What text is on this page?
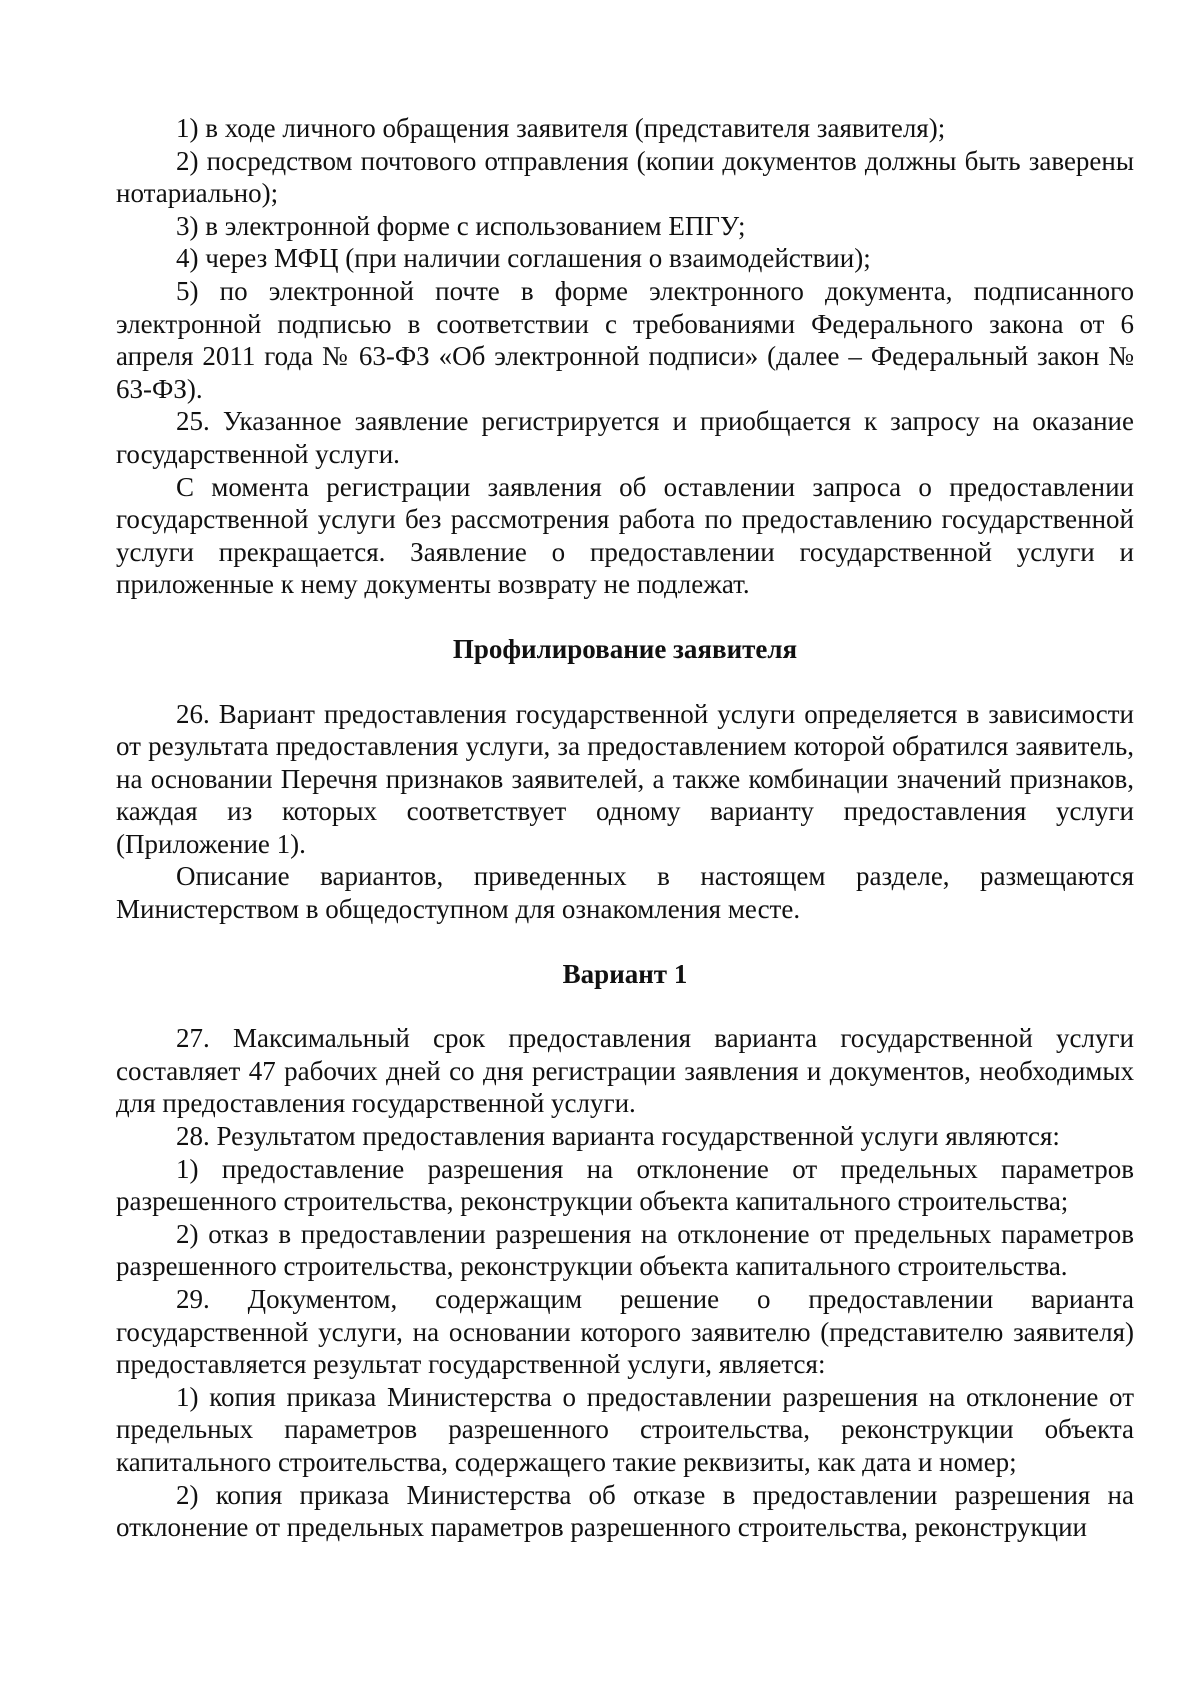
1) в ходе личного обращения заявителя (представителя заявителя);

2) посредством почтового отправления (копии документов должны быть заверены нотариально);

3) в электронной форме с использованием ЕПГУ;

4) через МФЦ (при наличии соглашения о взаимодействии);

5) по электронной почте в форме электронного документа, подписанного электронной подписью в соответствии с требованиями Федерального закона от 6 апреля 2011 года № 63-ФЗ «Об электронной подписи» (далее – Федеральный закон № 63-ФЗ).

25. Указанное заявление регистрируется и приобщается к запросу на оказание государственной услуги.

С момента регистрации заявления об оставлении запроса о предоставлении государственной услуги без рассмотрения работа по предоставлению государственной услуги прекращается. Заявление о предоставлении государственной услуги и приложенные к нему документы возврату не подлежат.

Профилирование заявителя

26. Вариант предоставления государственной услуги определяется в зависимости от результата предоставления услуги, за предоставлением которой обратился заявитель, на основании Перечня признаков заявителей, а также комбинации значений признаков, каждая из которых соответствует одному варианту предоставления услуги (Приложение 1).

Описание вариантов, приведенных в настоящем разделе, размещаются Министерством в общедоступном для ознакомления месте.

Вариант 1

27. Максимальный срок предоставления варианта государственной услуги составляет 47 рабочих дней со дня регистрации заявления и документов, необходимых для предоставления государственной услуги.

28. Результатом предоставления варианта государственной услуги являются:

1) предоставление разрешения на отклонение от предельных параметров разрешенного строительства, реконструкции объекта капитального строительства;

2) отказ в предоставлении разрешения на отклонение от предельных параметров разрешенного строительства, реконструкции объекта капитального строительства.

29. Документом, содержащим решение о предоставлении варианта государственной услуги, на основании которого заявителю (представителю заявителя) предоставляется результат государственной услуги, является:

1) копия приказа Министерства о предоставлении разрешения на отклонение от предельных параметров разрешенного строительства, реконструкции объекта капитального строительства, содержащего такие реквизиты, как дата и номер;

2) копия приказа Министерства об отказе в предоставлении разрешения на отклонение от предельных параметров разрешенного строительства, реконструкции
